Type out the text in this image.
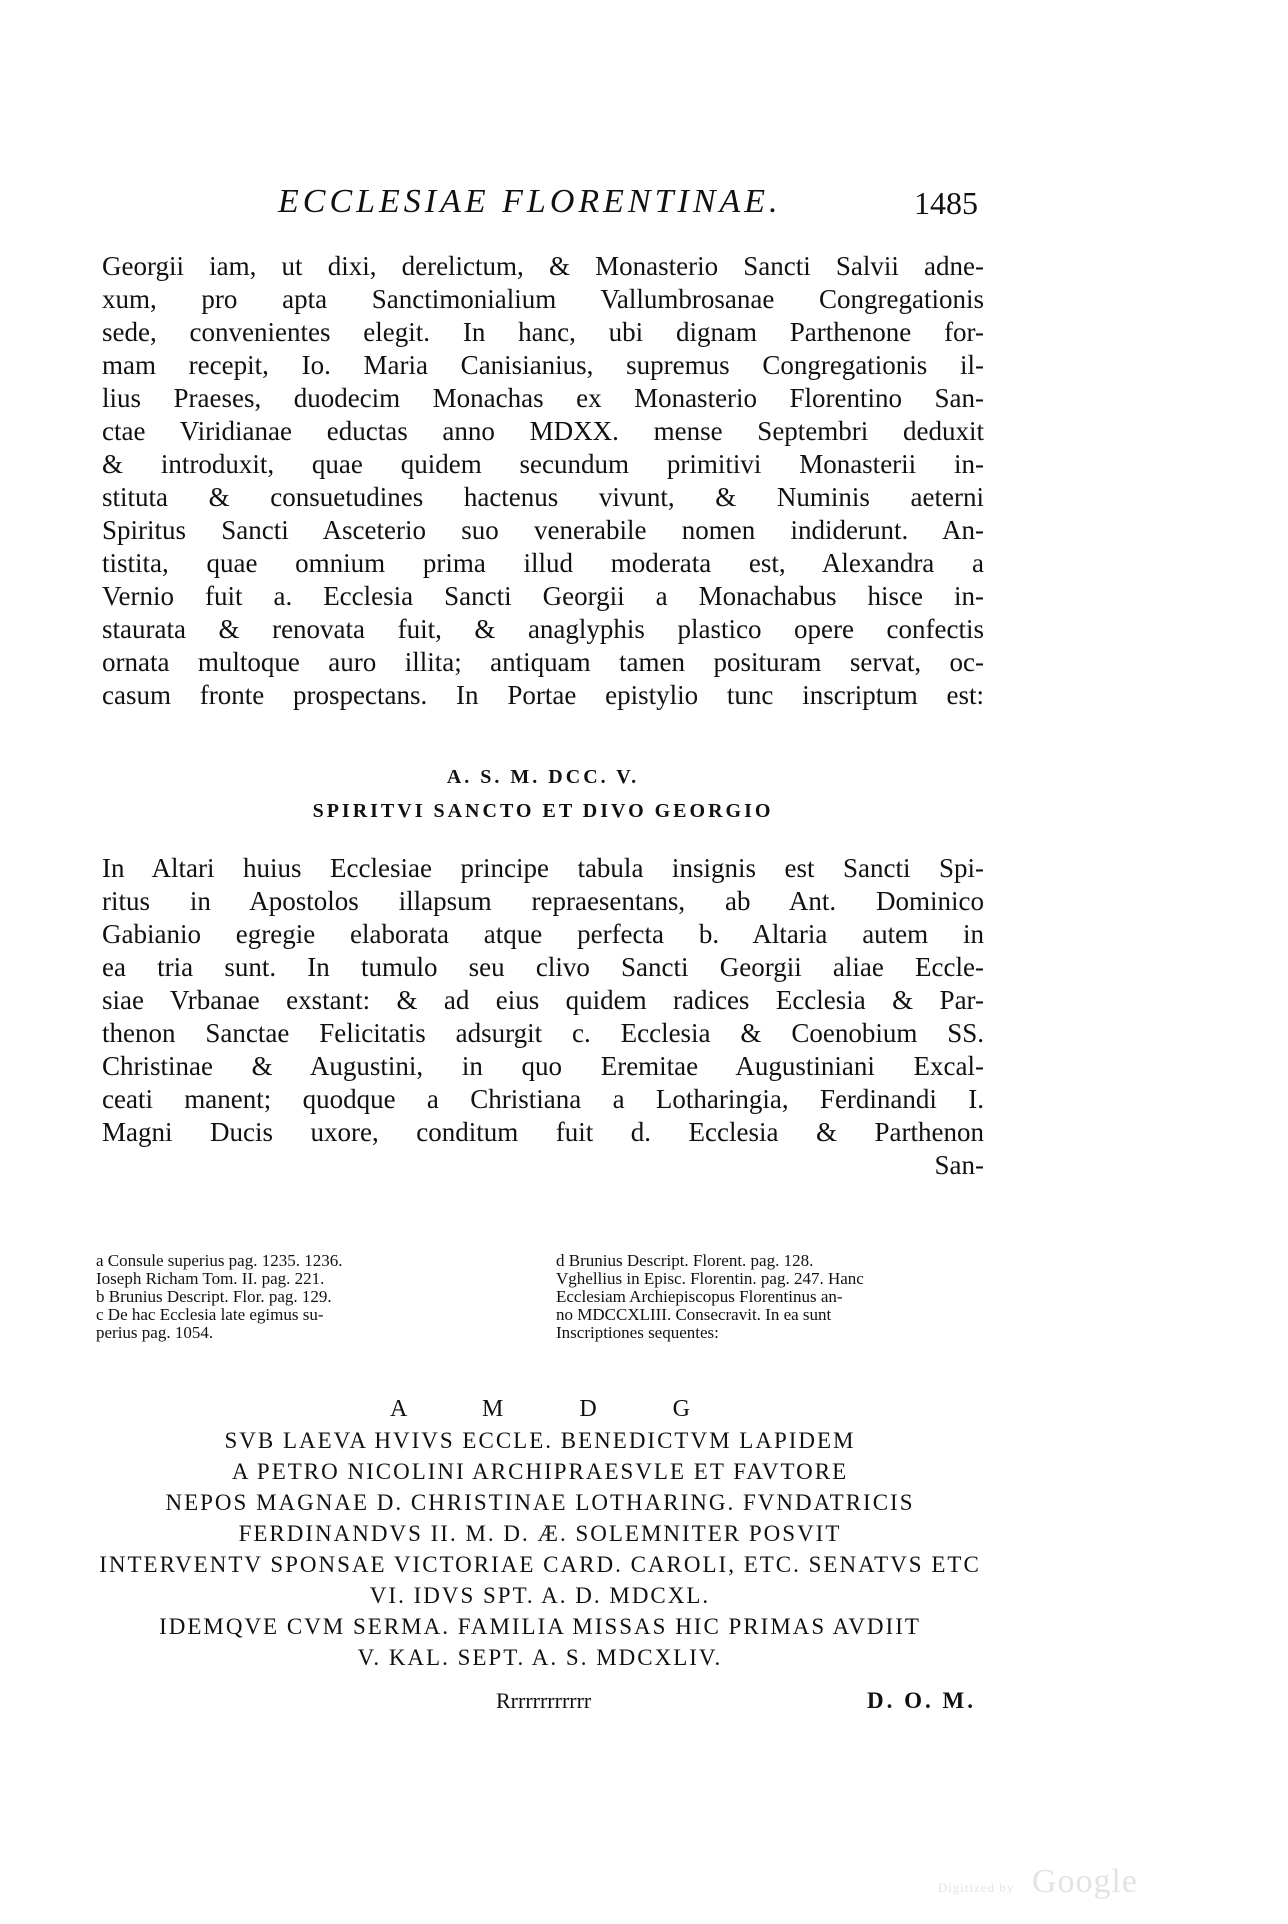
ECCLESIAE FLORENTINAE.	1485
Georgii iam, ut dixi, derelictum, & Monasterio Sancti Salvii adne-
xum, pro apta Sanctimonialium Vallumbrosanae Congregationis
sede, convenientes elegit. In hanc, ubi dignam Parthenone for-
mam recepit, Io. Maria Canisianius, supremus Congregationis il-
lius Praeses, duodecim Monachas ex Monasterio Florentino San-
ctae Viridianae eductas anno MDXX. mense Septembri deduxit
& introduxit, quae quidem secundum primitivi Monasterii in-
stituta & consuetudines hactenus vivunt, & Numinis aeterni
Spiritus Sancti Asceterio suo venerabile nomen indiderunt. An-
tistita, quae omnium prima illud moderata est, Alexandra a
Vernio fuit a. Ecclesia Sancti Georgii a Monachabus hisce in-
staurata & renovata fuit, & anaglyphis plastico opere confectis
ornata multoque auro illita; antiquam tamen posituram servat, oc-
casum fronte prospectans. In Portae epistylio tunc inscriptum est:
A. S. M. DCC. V.
SPIRITVI SANCTO ET DIVO GEORGIO
In Altari huius Ecclesiae principe tabula insignis est Sancti Spi-
ritus in Apostolos illapsum repraesentans, ab Ant. Dominico
Gabianio egregie elaborata atque perfecta b. Altaria autem in
ea tria sunt. In tumulo seu clivo Sancti Georgii aliae Eccle-
siae Vrbanae exstant: & ad eius quidem radices Ecclesia & Par-
thenon Sanctae Felicitatis adsurgit c. Ecclesia & Coenobium SS.
Christinae & Augustini, in quo Eremitae Augustiniani Excal-
ceati manent; quodque a Christiana a Lotharingia, Ferdinandi I.
Magni Ducis uxore, conditum fuit d. Ecclesia & Parthenon
San-
a Consule superius pag. 1235. 1236.
Ioseph Richam Tom. II. pag. 221.
b Brunius Descript. Flor. pag. 129.
c De hac Ecclesia late egimus su-
perius pag. 1054.
d Brunius Descript. Florent. pag. 128.
Vghellius in Episc. Florentin. pag. 247. Hanc
Ecclesiam Archiepiscopus Florentinus an-
no MDCCXLIII. Consecravit. In ea sunt
Inscriptiones sequentes:
A M D G
SVB LAEVA HVIVS ECCLE. BENEDICTVM LAPIDEM
A PETRO NICOLINI ARCHIPRAESVLE ET FAVTORE
NEPOS MAGNAE D. CHRISTINAE LOTHARING. FVNDATRICIS
FERDINANDVS II. M. D. Æ. SOLEMNITER POSVIT
INTERVENTV SPONSAE VICTORIAE CARD. CAROLI, ETC. SENATVS ETC
VI. IDVS SPT. A. D. MDCXL.
IDEMQVE CVM SERMA. FAMILIA MISSAS HIC PRIMAS AVDIIT
V. KAL. SEPT. A. S. MDCXLIV.
Rrrrrrrrrrrr	D. O. M.
Digitized by Google
